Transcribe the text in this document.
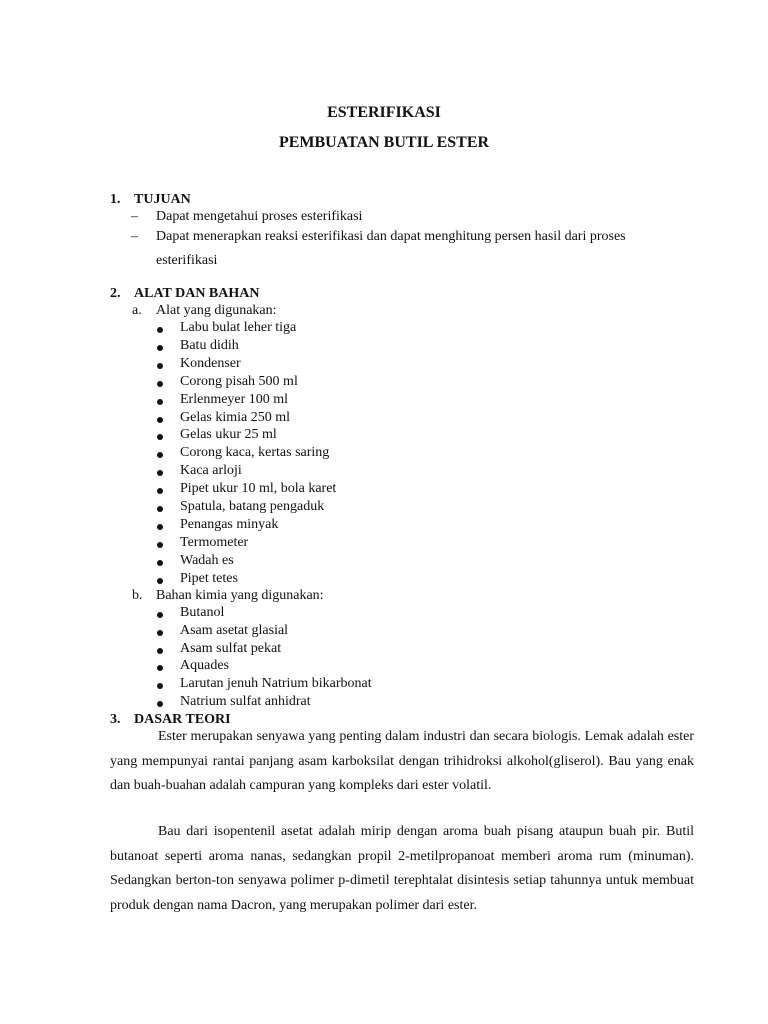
ESTERIFIKASI
PEMBUATAN BUTIL ESTER
1. TUJUAN
– Dapat mengetahui proses esterifikasi
– Dapat menerapkan reaksi esterifikasi dan dapat menghitung persen hasil dari proses
esterifikasi
2. ALAT DAN BAHAN
a. Alat yang digunakan:
Labu bulat leher tiga
Batu didih
Kondenser
Corong pisah 500 ml
Erlenmeyer 100 ml
Gelas kimia 250 ml
Gelas ukur 25 ml
Corong kaca, kertas saring
Kaca arloji
Pipet ukur 10 ml, bola karet
Spatula, batang pengaduk
Penangas minyak
Termometer
Wadah es
Pipet tetes
b. Bahan kimia yang digunakan:
Butanol
Asam asetat glasial
Asam sulfat pekat
Aquades
Larutan jenuh Natrium bikarbonat
Natrium sulfat anhidrat
3. DASAR TEORI

Ester merupakan senyawa yang penting dalam industri dan secara biologis. Lemak adalah ester yang mempunyai rantai panjang asam karboksilat dengan trihidroksi alkohol(gliserol). Bau yang enak dan buah-buahan adalah campuran yang kompleks dari ester volatil.

Bau dari isopentenil asetat adalah mirip dengan aroma buah pisang ataupun buah pir. Butil butanoat seperti aroma nanas, sedangkan propil 2-metilpropanoat memberi aroma rum (minuman). Sedangkan berton-ton senyawa polimer p-dimetil terephtalat disintesis setiap tahunnya untuk membuat produk dengan nama Dacron, yang merupakan polimer dari ester.
